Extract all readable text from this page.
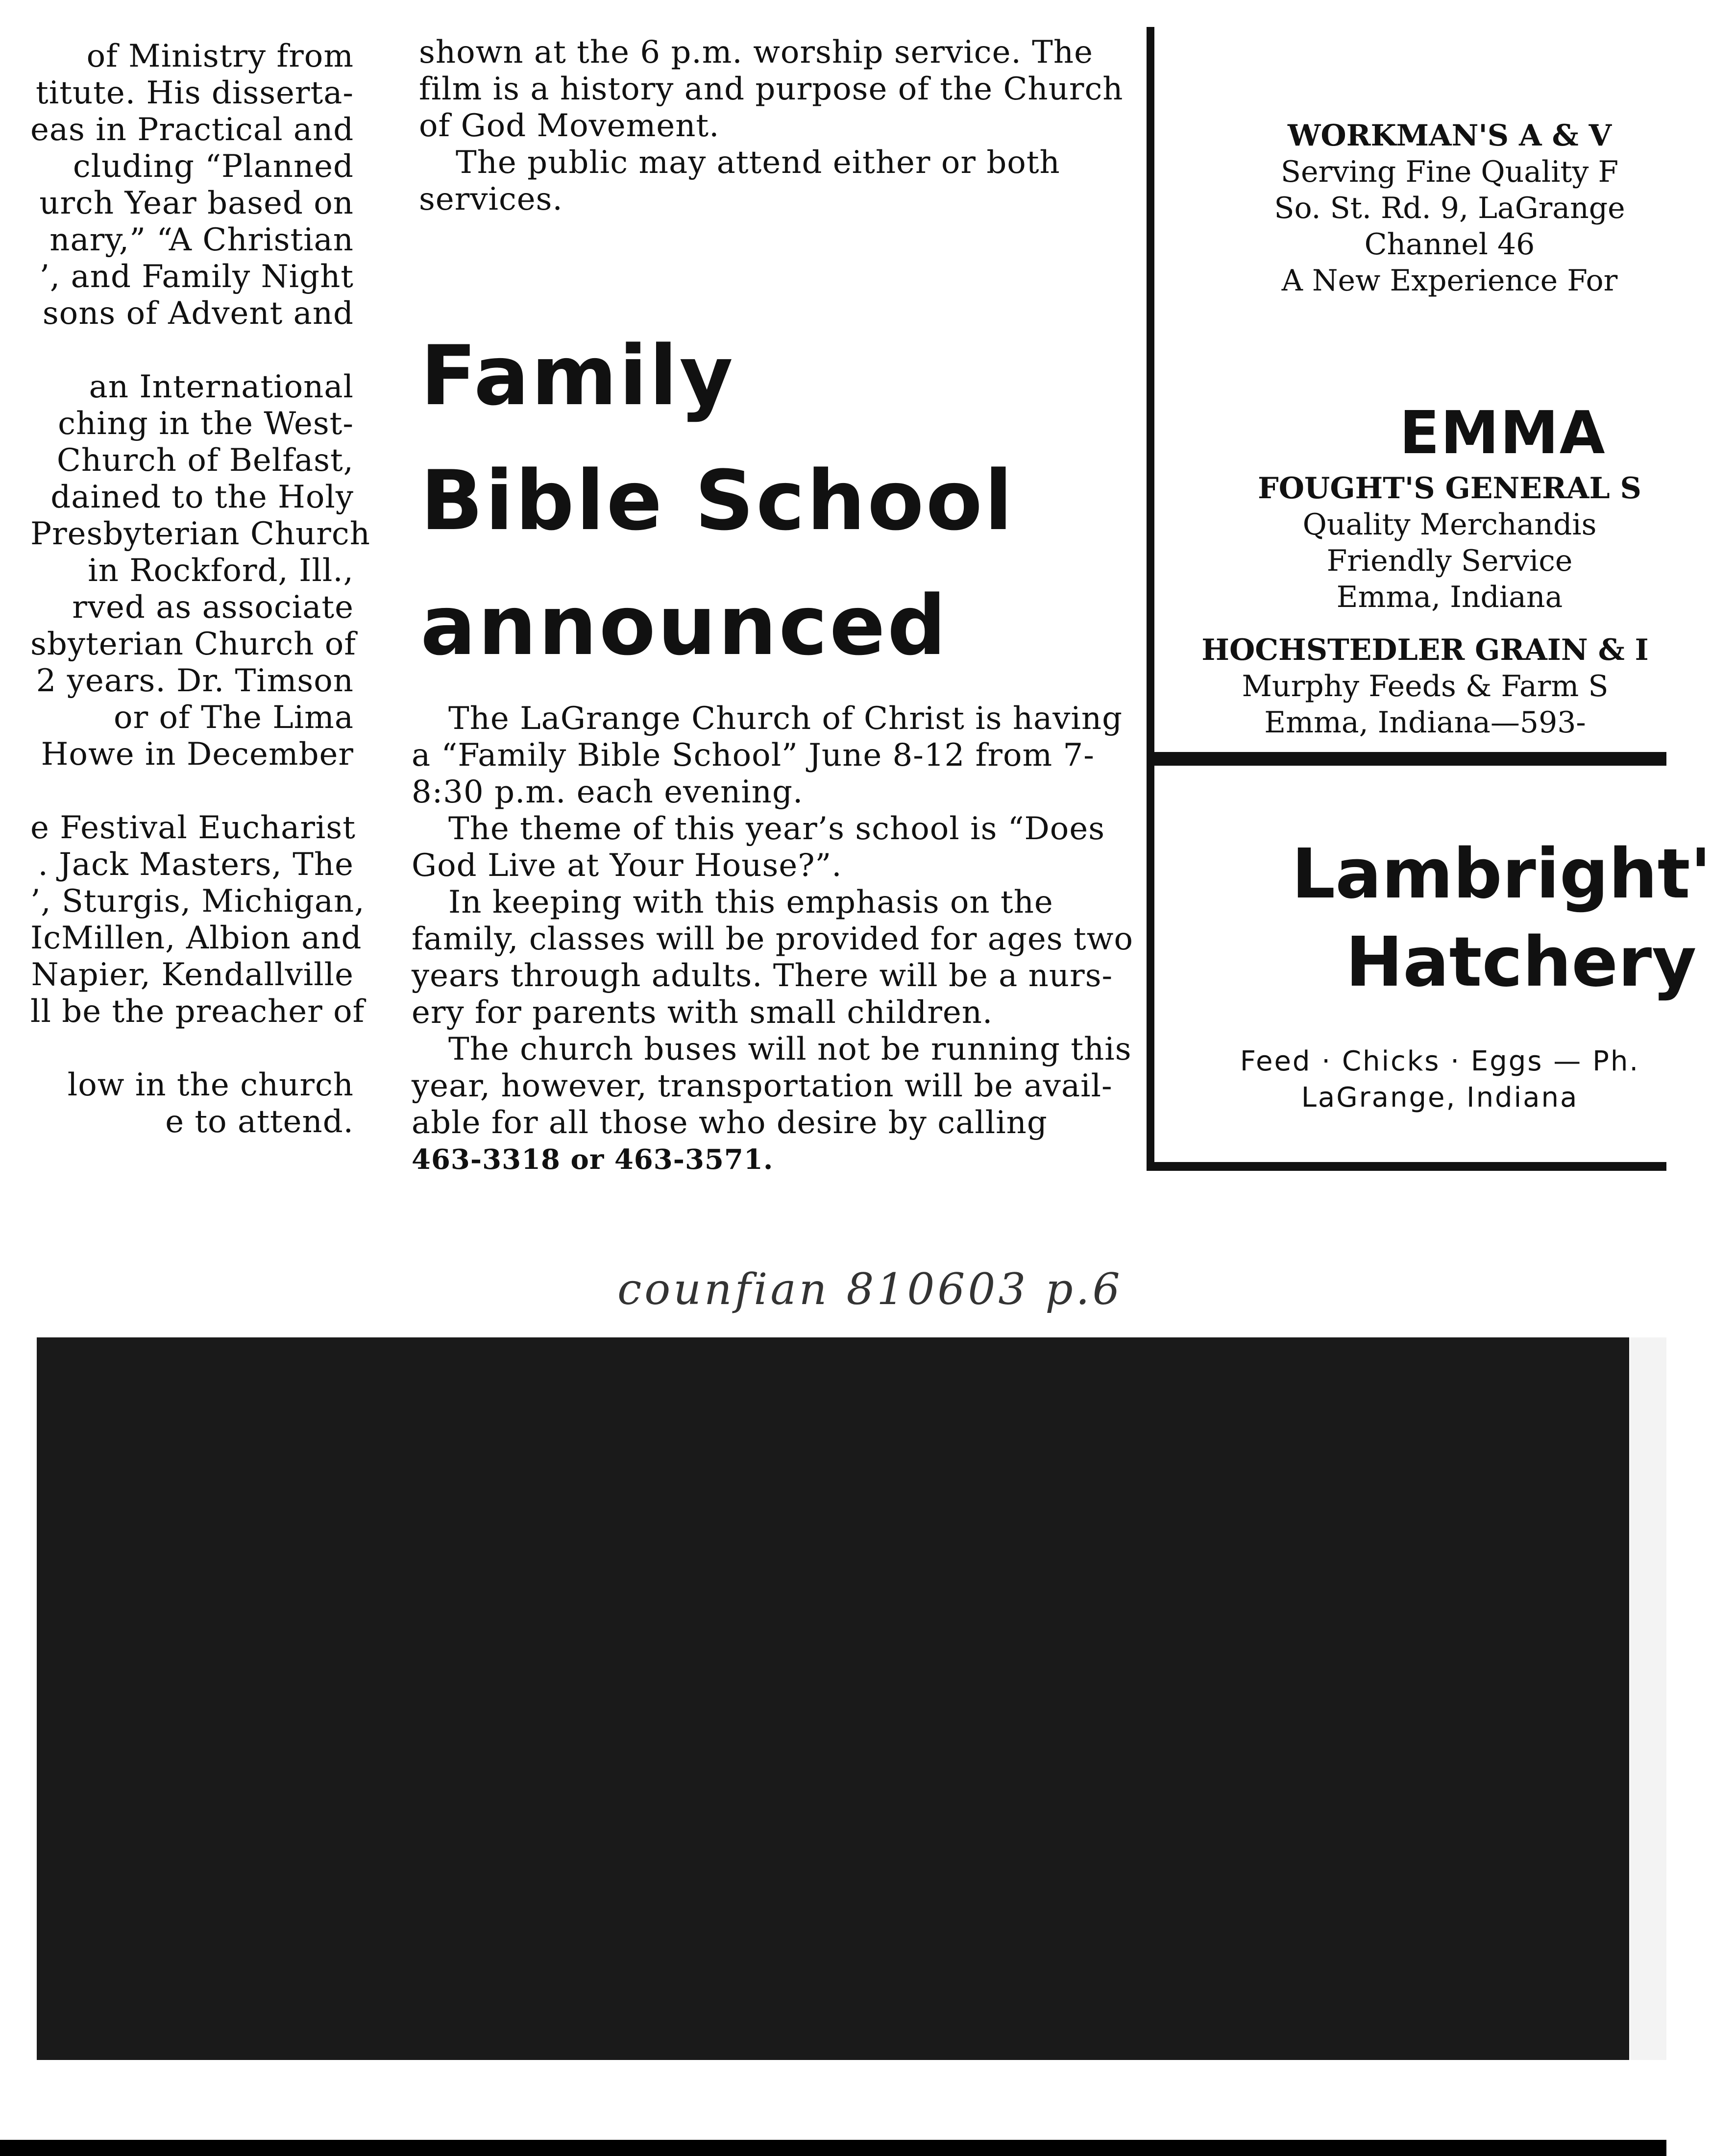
of Ministry from
titute. His disserta-
eas in Practical and
cluding “Planned
urch Year based on
nary,” “A Christian
’, and Family Night
sons of Advent and
an International
ching in the West-
Church of Belfast,
dained to the Holy
Presbyterian Church
in Rockford, Ill.,
rved as associate
sbyterian Church of
2 years. Dr. Timson
or of The Lima
Howe in December
e Festival Eucharist
. Jack Masters, The
’, Sturgis, Michigan,
IcMillen, Albion and
Napier, Kendallville
ll be the preacher of
low in the church
e to attend.
shown at the 6 p.m. worship service. The
film is a history and purpose of the Church
of God Movement.
The public may attend either or both
services.
Family
Bible School
announced
The LaGrange Church of Christ is having
a “Family Bible School” June 8-12 from 7-
8:30 p.m. each evening.
The theme of this year’s school is “Does
God Live at Your House?”.
In keeping with this emphasis on the
family, classes will be provided for ages two
years through adults. There will be a nurs-
ery for parents with small children.
The church buses will not be running this
year, however, transportation will be avail-
able for all those who desire by calling
463-3318 or 463-3571.
WORKMAN'S A & V
Serving Fine Quality F
So. St. Rd. 9, LaGrange
Channel 46
A New Experience For
EMMA
FOUGHT'S GENERAL S
Quality Merchandis
Friendly Service
Emma, Indiana
HOCHSTEDLER GRAIN & I
Murphy Feeds & Farm S
Emma, Indiana—593-
Lambright'
Hatchery
Feed · Chicks · Eggs — Ph.
LaGrange, Indiana
counfian 810603 p.6
